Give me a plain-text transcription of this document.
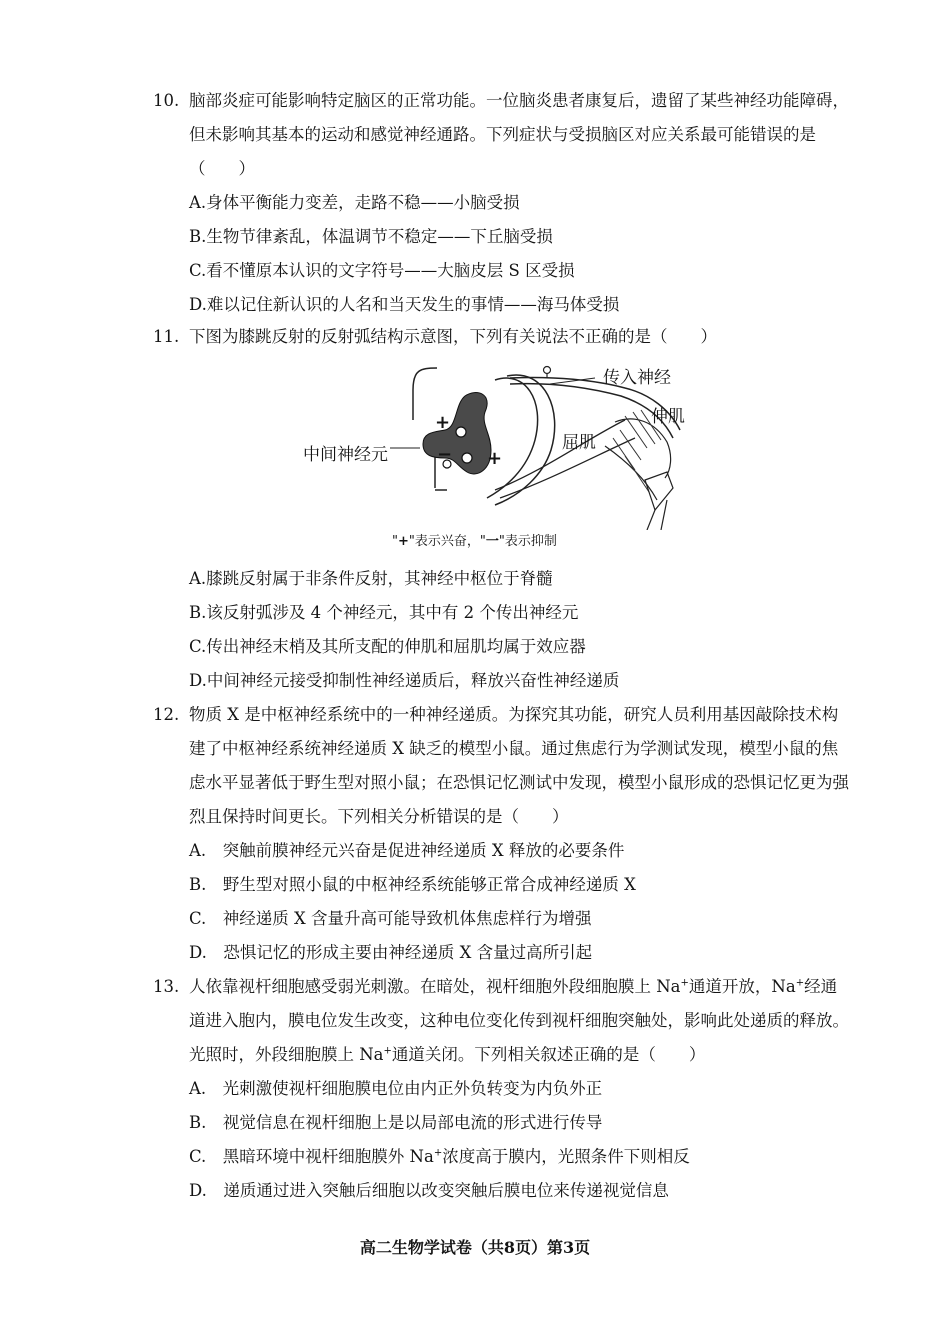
10. 脑部炎症可能影响特定脑区的正常功能。一位脑炎患者康复后，遗留了某些神经功能障碍，但未影响其基本的运动和感觉神经通路。下列症状与受损脑区对应关系最可能错误的是（　　）
A.身体平衡能力变差，走路不稳——小脑受损
B.生物节律紊乱，体温调节不稳定——下丘脑受损
C.看不懂原本认识的文字符号——大脑皮层 S 区受损
D.难以记住新认识的人名和当天发生的事情——海马体受损
11. 下图为膝跳反射的反射弧结构示意图，下列有关说法不正确的是（　　）
传入神经
伸肌
屈肌
中间神经元
+
− +
"+"表示兴奋，"一"表示抑制
A.膝跳反射属于非条件反射，其神经中枢位于脊髓
B.该反射弧涉及 4 个神经元，其中有 2 个传出神经元
C.传出神经末梢及其所支配的伸肌和屈肌均属于效应器
D.中间神经元接受抑制性神经递质后，释放兴奋性神经递质
12. 物质 X 是中枢神经系统中的一种神经递质。为探究其功能，研究人员利用基因敲除技术构建了中枢神经系统神经递质 X 缺乏的模型小鼠。通过焦虑行为学测试发现，模型小鼠的焦虑水平显著低于野生型对照小鼠；在恐惧记忆测试中发现，模型小鼠形成的恐惧记忆更为强烈且保持时间更长。下列相关分析错误的是（　　）
A.　突触前膜神经元兴奋是促进神经递质 X 释放的必要条件
B.　野生型对照小鼠的中枢神经系统能够正常合成神经递质 X
C.　神经递质 X 含量升高可能导致机体焦虑样行为增强
D.　恐惧记忆的形成主要由神经递质 X 含量过高所引起
13. 人依靠视杆细胞感受弱光刺激。在暗处，视杆细胞外段细胞膜上 Na+通道开放，Na+经通道进入胞内，膜电位发生改变，这种电位变化传到视杆细胞突触处，影响此处递质的释放。光照时，外段细胞膜上 Na+通道关闭。下列相关叙述正确的是（　　）
A.　光刺激使视杆细胞膜电位由内正外负转变为内负外正
B.　视觉信息在视杆细胞上是以局部电流的形式进行传导
C.　黑暗环境中视杆细胞膜外 Na+浓度高于膜内，光照条件下则相反
D.　递质通过进入突触后细胞以改变突触后膜电位来传递视觉信息
高二生物学试卷（共8页）第3页
